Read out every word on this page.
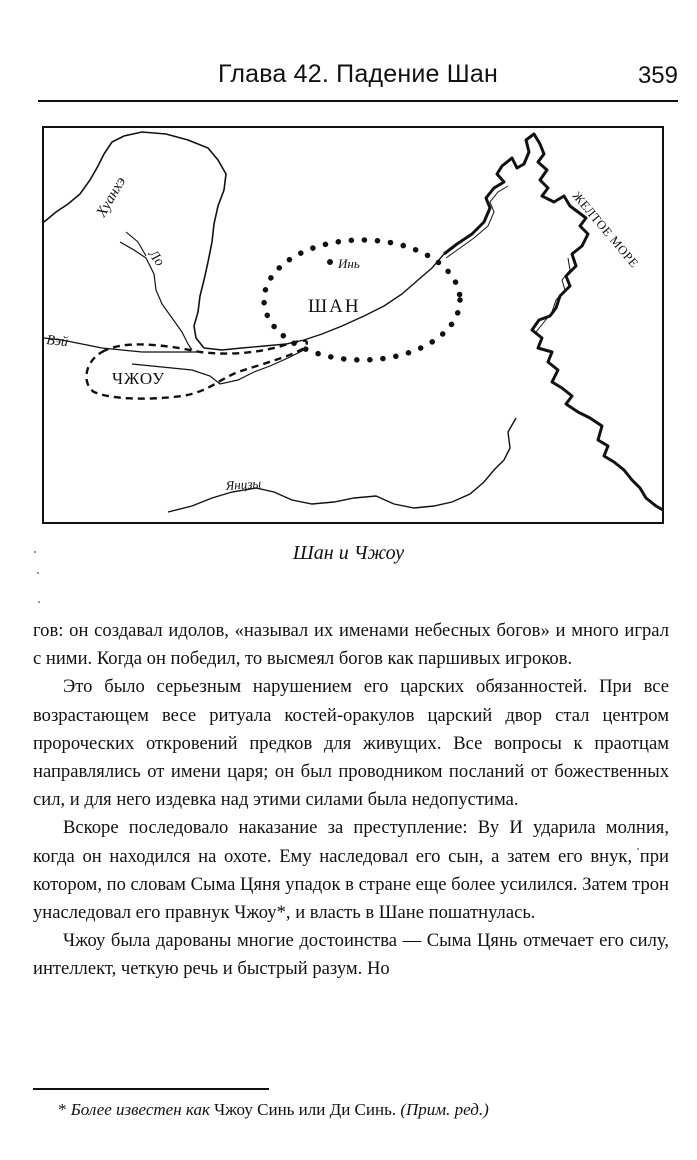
Глава 42. Падение Шан	359
Хуанхэ
Ло
Вэй
Инь
ШАН
ЧЖОУ
Янцзы
ЖЕЛТОЕ МОРЕ
Шан и Чжоу

гов: он создавал идолов, «называл их именами небесных богов» и много играл с ними. Когда он победил, то высмеял богов как паршивых игроков.

Это было серьезным нарушением его царских обязанностей. При все возрастающем весе ритуала костей-оракулов царский двор стал центром пророческих откровений предков для живущих. Все вопросы к праотцам направлялись от имени царя; он был проводником посланий от божественных сил, и для него издевка над этими силами была недопустима.

Вскоре последовало наказание за преступление: Ву И ударила молния, когда он находился на охоте. Ему наследовал его сын, а затем его внук, при котором, по словам Сыма Цяня упадок в стране еще более усилился. Затем трон унаследовал его правнук Чжоу*, и власть в Шане пошатнулась.

Чжоу была дарованы многие достоинства — Сыма Цянь отмечает его силу, интеллект, четкую речь и быстрый разум. Но

* Более известен как Чжоу Синь или Ди Синь. (Прим. ред.)
